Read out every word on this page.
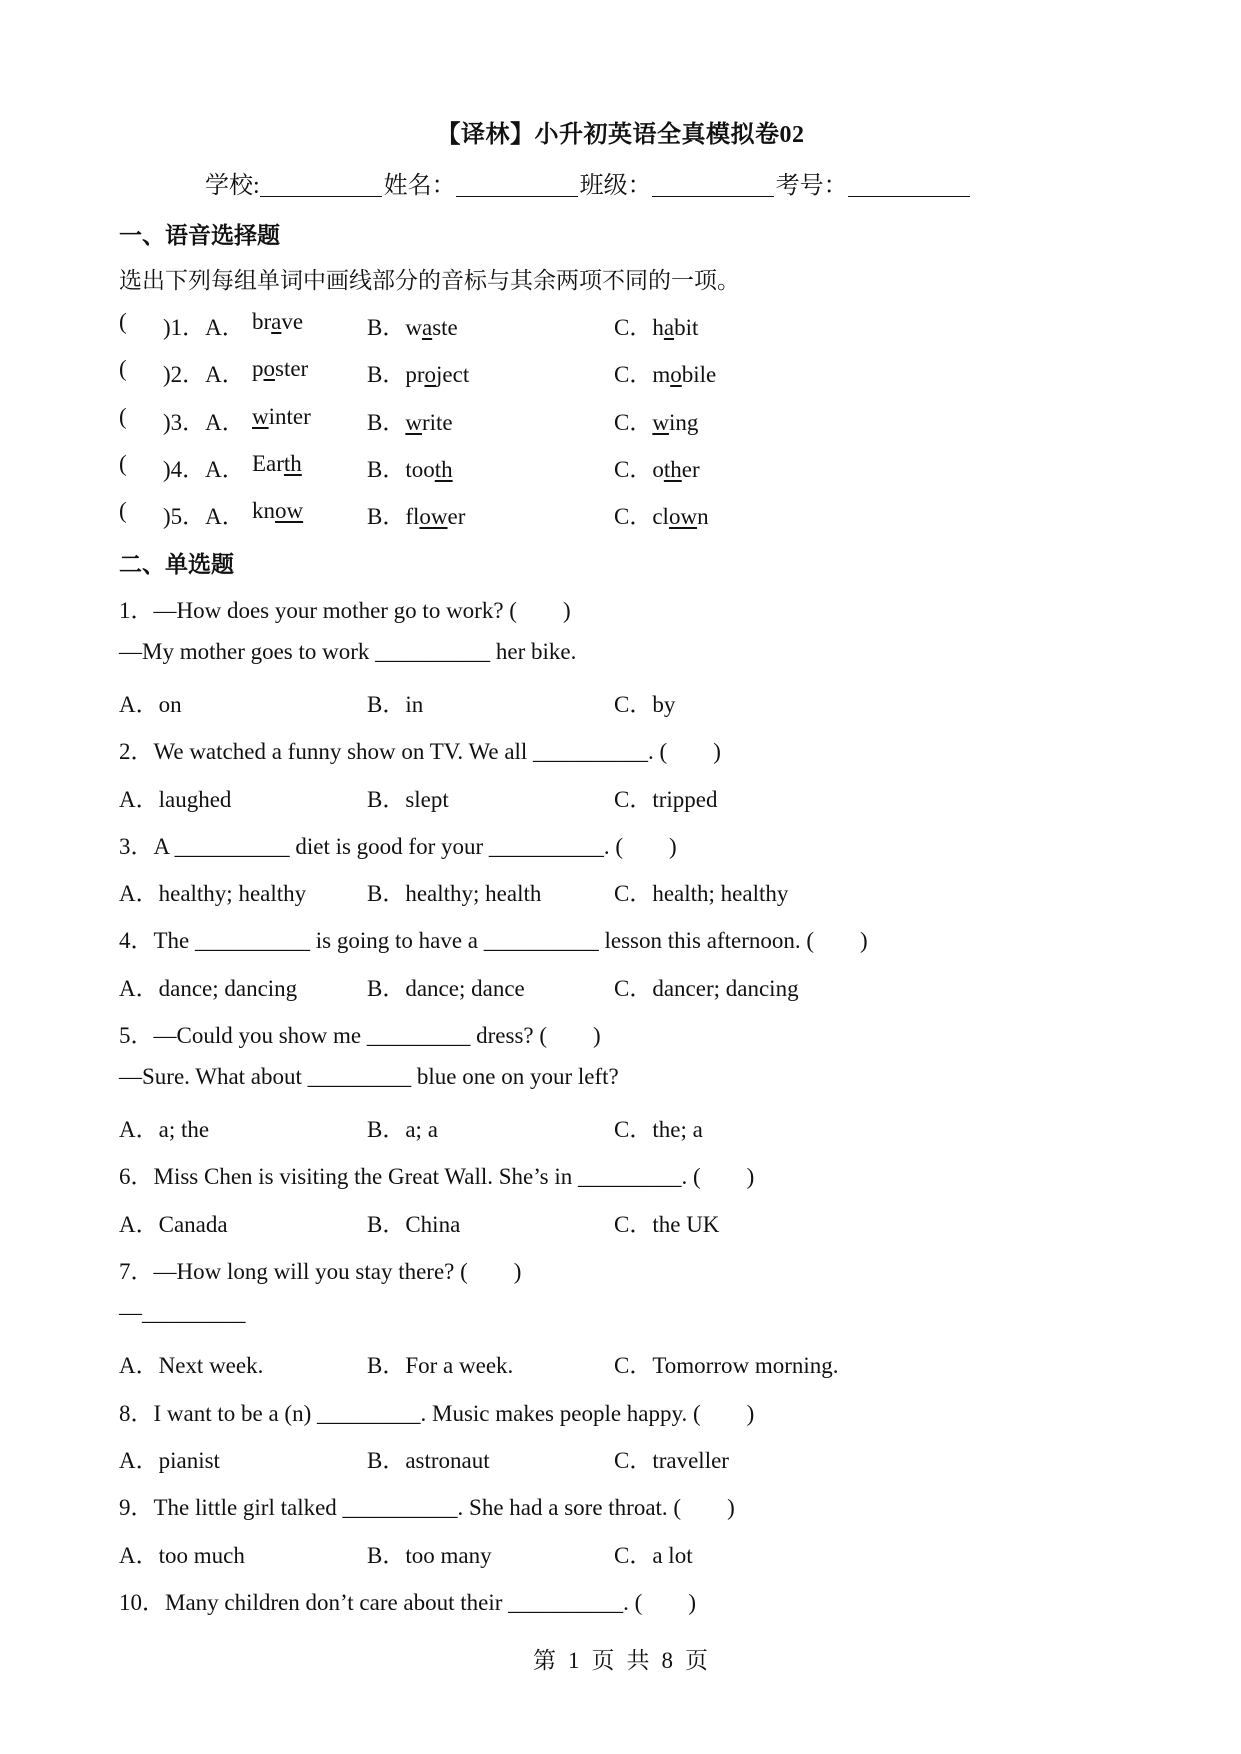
【译林】小升初英语全真模拟卷02
学校:	姓名：	班级：	考号：
一、语音选择题
选出下列每组单词中画线部分的音标与其余两项不同的一项。
( )1．A． brave	B．waste	C．habit
( )2．A． poster	B．project	C．mobile
( )3．A． winter B．write	C．wing
( )4．A． Earth	B．tooth	C．other
( )5．A． know	B．flower	C．clown
二、单选题
1．—How does your mother go to work? (　　)
—My mother goes to work __________ her bike.
A．on	B．in	C．by
2．We watched a funny show on TV. We all __________. (　　)
A．laughed	B．slept	C．tripped
3．A __________ diet is good for your __________. (　　)
A．healthy; healthy	B．healthy; health	C．health; healthy
4．The __________ is going to have a __________ lesson this afternoon. (　　)
A．dance; dancing	B．dance; dance	C．dancer; dancing
5．—Could you show me _________ dress? (　　)
—Sure. What about _________ blue one on your left?
A．a; the	B．a; a	C．the; a
6．Miss Chen is visiting the Great Wall. She’s in _________. (　　)
A．Canada	B．China	C．the UK
7．—How long will you stay there? (　　)
—_________
A．Next week.	B．For a week.	C．Tomorrow morning.
8．I want to be a (n) _________. Music makes people happy. (　　)
A．pianist	B．astronaut	C．traveller
9．The little girl talked __________. She had a sore throat. (　　)
A．too much	B．too many	C．a lot
10．Many children don’t care about their __________. (　　)
第 1 页 共 8 页
